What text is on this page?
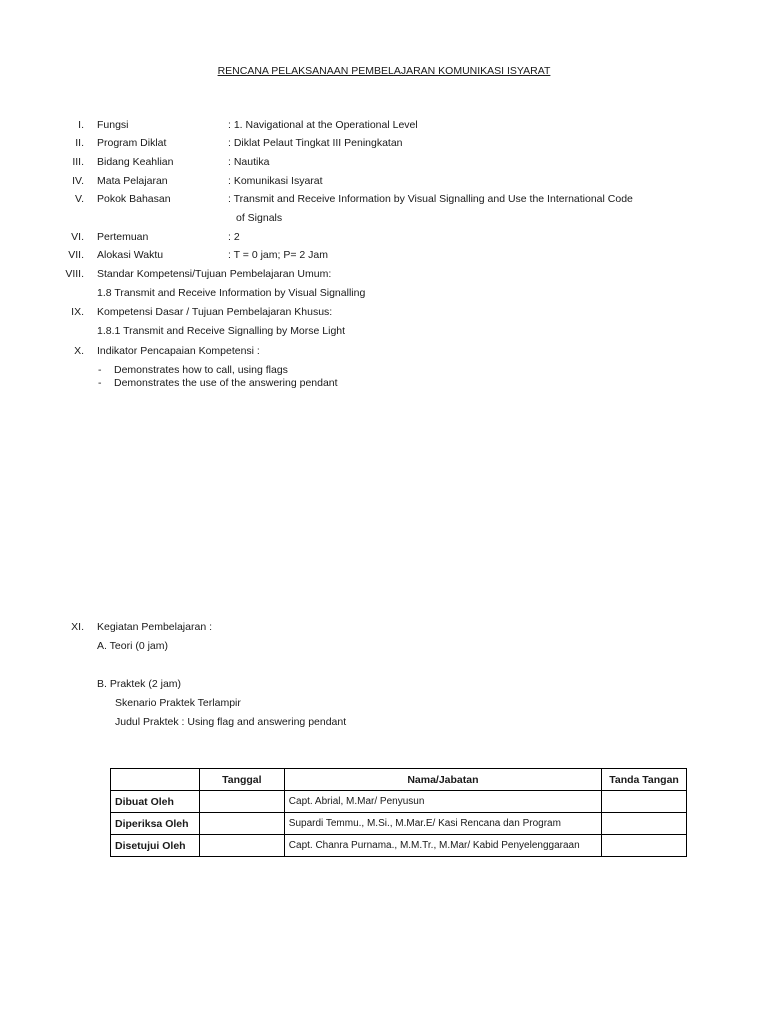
RENCANA PELAKSANAAN PEMBELAJARAN KOMUNIKASI ISYARAT
I. Fungsi	: 1. Navigational at the Operational Level
II. Program Diklat	: Diklat Pelaut Tingkat III Peningkatan
III. Bidang Keahlian	: Nautika
IV. Mata Pelajaran	: Komunikasi Isyarat
V. Pokok Bahasan	: Transmit and Receive Information by Visual Signalling and Use the International Code
of Signals
VI. Pertemuan	: 2
VII. Alokasi Waktu	: T = 0 jam; P= 2 Jam
VIII. Standar Kompetensi/Tujuan Pembelajaran Umum:
1.8 Transmit and Receive Information by Visual Signalling
IX. Kompetensi Dasar / Tujuan Pembelajaran Khusus:
1.8.1 Transmit and Receive Signalling by Morse Light
X. Indikator Pencapaian Kompetensi :
- Demonstrates how to call, using flags
- Demonstrates the use of the answering pendant
XI. Kegiatan Pembelajaran :
A. Teori (0 jam)
B. Praktek (2 jam)
Skenario Praktek Terlampir
Judul Praktek : Using flag and answering pendant
	Tanggal	Nama/Jabatan	Tanda Tangan
Dibuat Oleh		Capt. Abrial, M.Mar/ Penyusun	
Diperiksa Oleh		Supardi Temmu., M.Si., M.Mar.E/ Kasi Rencana dan Program	
Disetujui Oleh		Capt. Chanra Purnama., M.M.Tr., M.Mar/ Kabid Penyelenggaraan	
